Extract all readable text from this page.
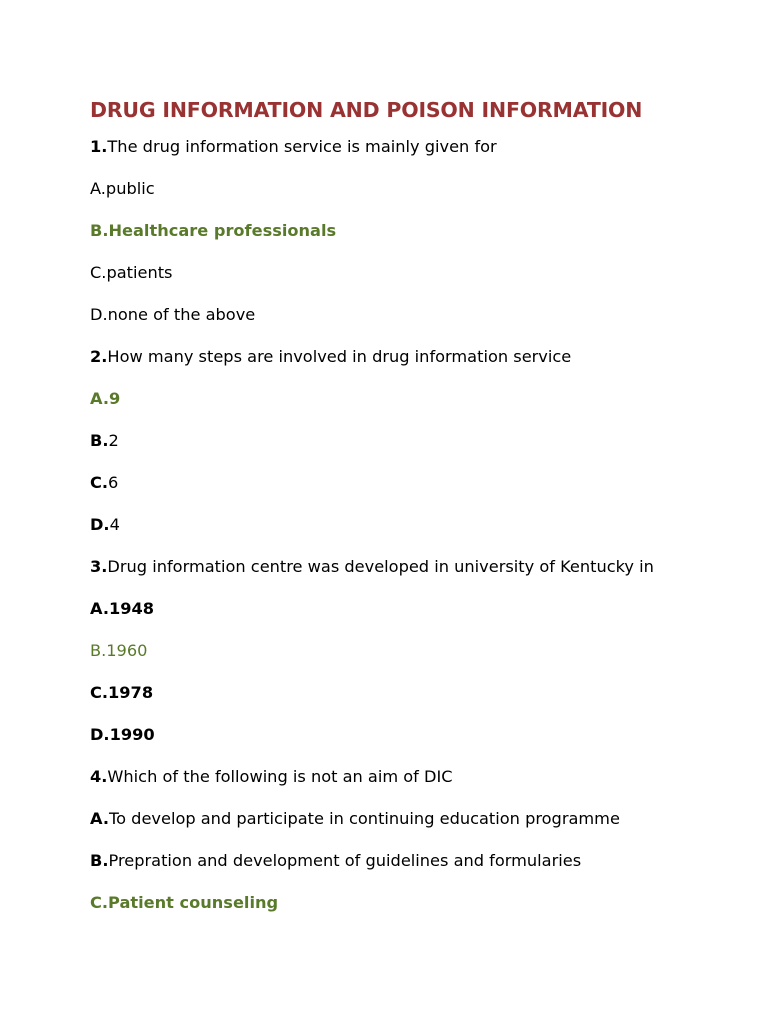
DRUG INFORMATION AND POISON INFORMATION
1.The drug information service is mainly given for
A.public
B.Healthcare professionals
C.patients
D.none of the above
2.How many steps are involved in drug information service
A.9
B.2
C.6
D.4
3.Drug information centre was developed in university of Kentucky in
A.1948
B.1960
C.1978
D.1990
4.Which of the following is not an aim of DIC
A.To develop and participate in continuing education programme
B.Prepration and development of guidelines and formularies
C.Patient counseling
